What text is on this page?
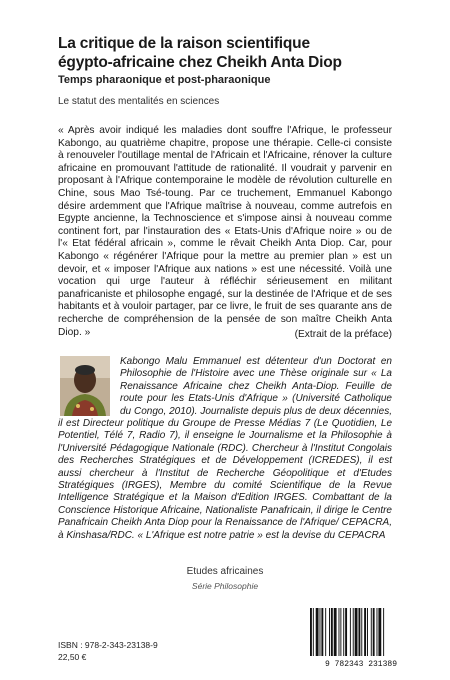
La critique de la raison scientifique
égypto-africaine chez Cheikh Anta Diop
Temps pharaonique et post-pharaonique
Le statut des mentalités en sciences

« Après avoir indiqué les maladies dont souffre l'Afrique, le professeur Kabongo, au quatrième chapitre, propose une thérapie. Celle-ci consiste à renouveler l'outillage mental de l'Africain et l'Africaine, rénover la culture africaine en promouvant l'attitude de rationalité. Il voudrait y parvenir en proposant à l'Afrique contemporaine le modèle de révolution culturelle en Chine, sous Mao Tsé-toung. Par ce truchement, Emmanuel Kabongo désire ardemment que l'Afrique maîtrise à nouveau, comme autrefois en Egypte ancienne, la Technoscience et s'impose ainsi à nouveau comme continent fort, par l'instauration des « Etats-Unis d'Afrique noire » ou de l'« Etat fédéral africain », comme le rêvait Cheikh Anta Diop. Car, pour Kabongo « régénérer l'Afrique pour la mettre au premier plan » est un devoir, et « imposer l'Afrique aux nations » est une nécessité. Voilà une vocation qui urge l'auteur à réfléchir sérieusement en militant panafricaniste et philosophe engagé, sur la destinée de l'Afrique et de ses habitants et à vouloir partager, par ce livre, le fruit de ses quarante ans de recherche de compréhension de la pensée de son maître Cheikh Anta Diop. »	(Extrait de la préface)

Kabongo Malu Emmanuel est détenteur d'un Doctorat en Philosophie de l'Histoire avec une Thèse originale sur « La Renaissance Africaine chez Cheikh Anta-Diop. Feuille de route pour les Etats-Unis d'Afrique » (Université Catholique du Congo, 2010). Journaliste depuis plus de deux décennies, il est Directeur politique du Groupe de Presse Médias 7 (Le Quotidien, Le Potentiel, Télé 7, Radio 7), il enseigne le Journalisme et la Philosophie à l'Université Pédagogique Nationale (RDC). Chercheur à l'Institut Congolais des Recherches Stratégiques et de Développement (ICREDES), il est aussi chercheur à l'Institut de Recherche Géopolitique et d'Etudes Stratégiques (IRGES), Membre du comité Scientifique de la Revue Intelligence Stratégique et la Maison d'Edition IRGES. Combattant de la Conscience Historique Africaine, Nationaliste Panafricain, il dirige le Centre Panafricain Cheikh Anta Diop pour la Renaissance de l'Afrique/ CEPACRA, à Kinshasa/RDC. « L'Afrique est notre patrie » est la devise du CEPACRA

Etudes africaines
Série Philosophie
ISBN : 978-2-343-23138-9
22,50 €
9 782343 231389
